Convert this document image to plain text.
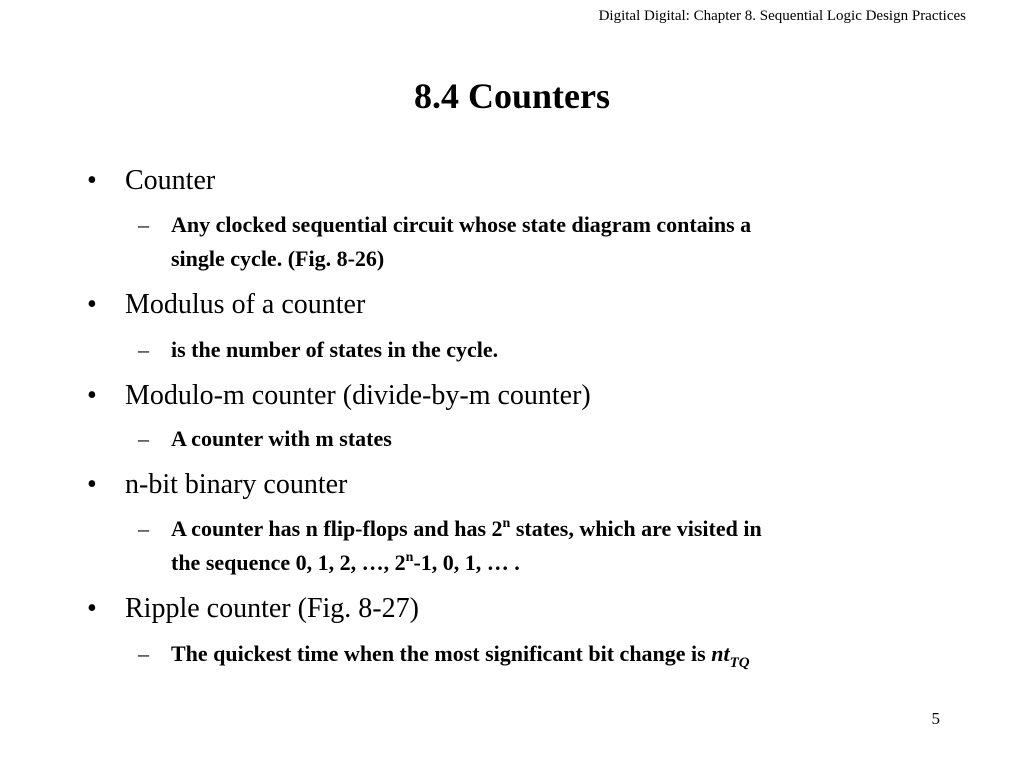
Digital Digital: Chapter 8. Sequential Logic Design Practices
8.4 Counters
• Counter
– Any clocked sequential circuit whose state diagram contains a
single cycle. (Fig. 8-26)
• Modulus of a counter
– is the number of states in the cycle.
• Modulo-m counter (divide-by-m counter)
– A counter with m states
• n-bit binary counter
– A counter has n flip-flops and has 2$^n$ states, which are visited in
the sequence 0, 1, 2, …, 2$^n$-1, 0, 1, … .
• Ripple counter (Fig. 8-27)
– The quickest time when the most significant bit change is $nt_{TQ}$
5
